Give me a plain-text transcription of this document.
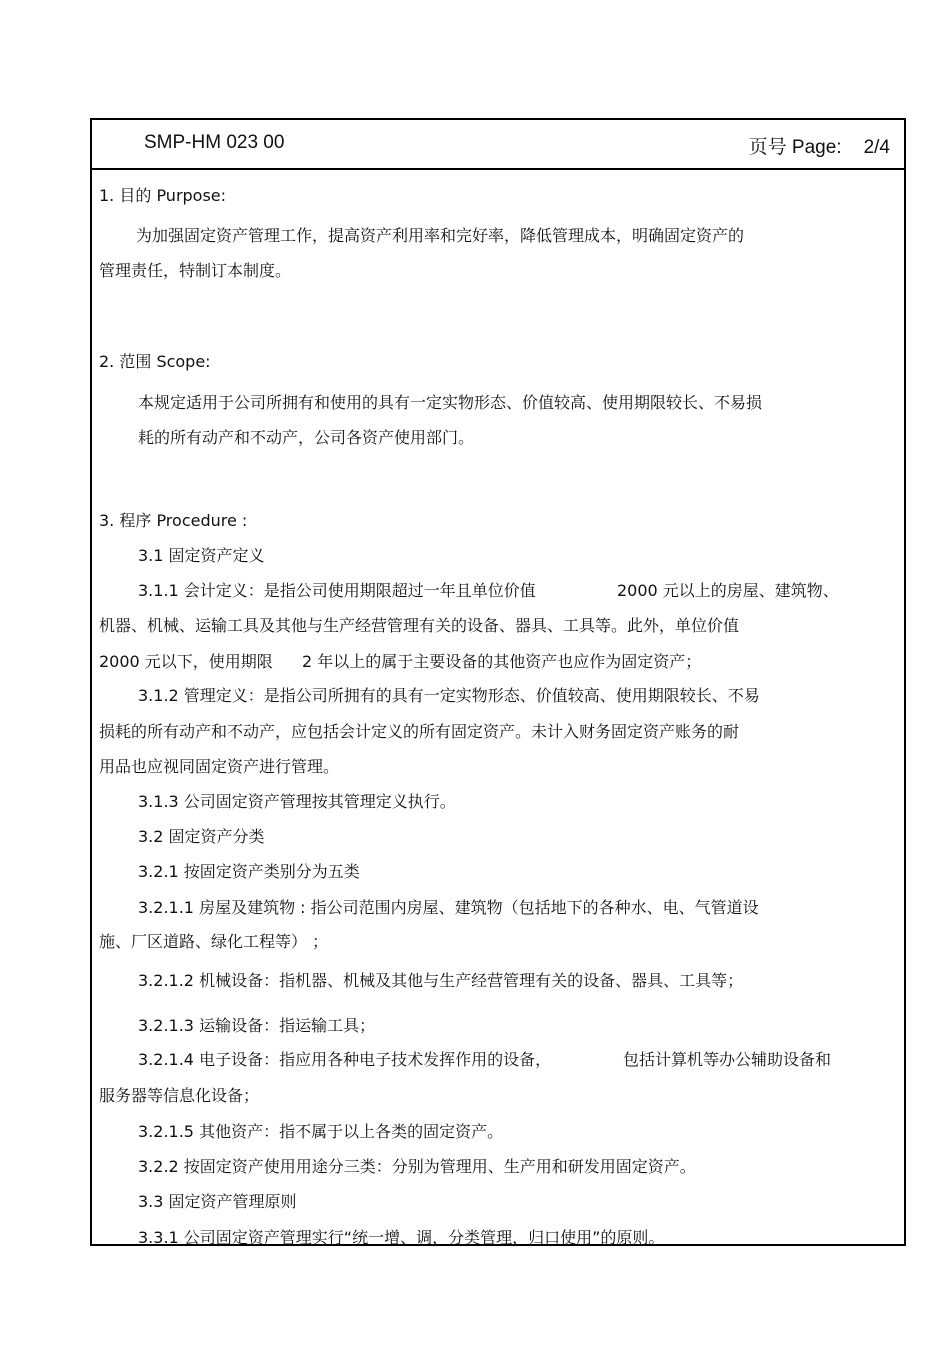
SMP-HM 023 00	页号 Page: 2/4
1. 目的 Purpose:
为加强固定资产管理工作，提高资产利用率和完好率，降低管理成本，明确固定资产的
管理责任，特制订本制度。
2. 范围 Scope:
本规定适用于公司所拥有和使用的具有一定实物形态、价值较高、使用期限较长、不易损
耗的所有动产和不动产，公司各资产使用部门。
3. 程序 Procedure :
3.1 固定资产定义
3.1.1 会计定义：是指公司使用期限超过一年且单位价值	2000 元以上的房屋、建筑物、
机器、机械、运输工具及其他与生产经营管理有关的设备、器具、工具等。此外，单位价值
2000 元以下，使用期限 2 年以上的属于主要设备的其他资产也应作为固定资产；
3.1.2 管理定义：是指公司所拥有的具有一定实物形态、价值较高、使用期限较长、不易
损耗的所有动产和不动产，应包括会计定义的所有固定资产。未计入财务固定资产账务的耐
用品也应视同固定资产进行管理。
3.1.3 公司固定资产管理按其管理定义执行。
3.2 固定资产分类
3.2.1 按固定资产类别分为五类
3.2.1.1 房屋及建筑物 : 指公司范围内房屋、建筑物（包括地下的各种水、电、气管道设
施、厂区道路、绿化工程等） ；
3.2.1.2 机械设备：指机器、机械及其他与生产经营管理有关的设备、器具、工具等；
3.2.1.3 运输设备：指运输工具；
3.2.1.4 电子设备：指应用各种电子技术发挥作用的设备，	包括计算机等办公辅助设备和
服务器等信息化设备；
3.2.1.5 其他资产：指不属于以上各类的固定资产。
3.2.2 按固定资产使用用途分三类：分别为管理用、生产用和研发用固定资产。
3.3 固定资产管理原则
3.3.1 公司固定资产管理实行“统一增、调，分类管理，归口使用”的原则。
